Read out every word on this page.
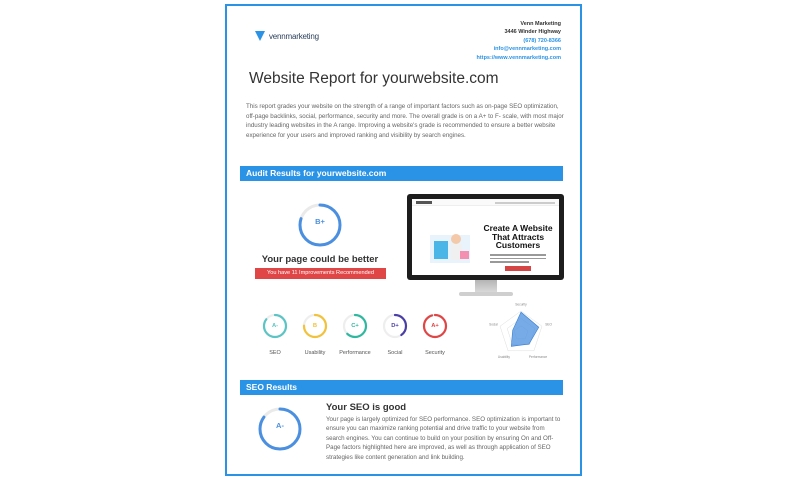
vennmarketing
Venn Marketing
3446 Winder Highway
(678) 720-8366
info@vennmarketing.com
https://www.vennmarketing.com
Website Report for yourwebsite.com
This report grades your website on the strength of a range of important factors such as on-page SEO optimization, off-page backlinks, social, performance, security and more. The overall grade is on a A+ to F- scale, with most major industry leading websites in the A range. Improving a website's grade is recommended to ensure a better website experience for your users and improved ranking and visibility by search engines.
Audit Results for yourwebsite.com
B+
Your page could be better
You have 11 Improvements Recommended
Create A Website That Attracts Customers
A-
SEO
B
Usability
C+
Performance
D+
Social
A+
Security
Security
SEO
Performance
Usability
Social
SEO Results
A-
Your SEO is good
Your page is largely optimized for SEO performance. SEO optimization is important to ensure you can maximize ranking potential and drive traffic to your website from search engines. You can continue to build on your position by ensuring On and Off-Page factors highlighted here are improved, as well as through application of SEO strategies like content generation and link building.
